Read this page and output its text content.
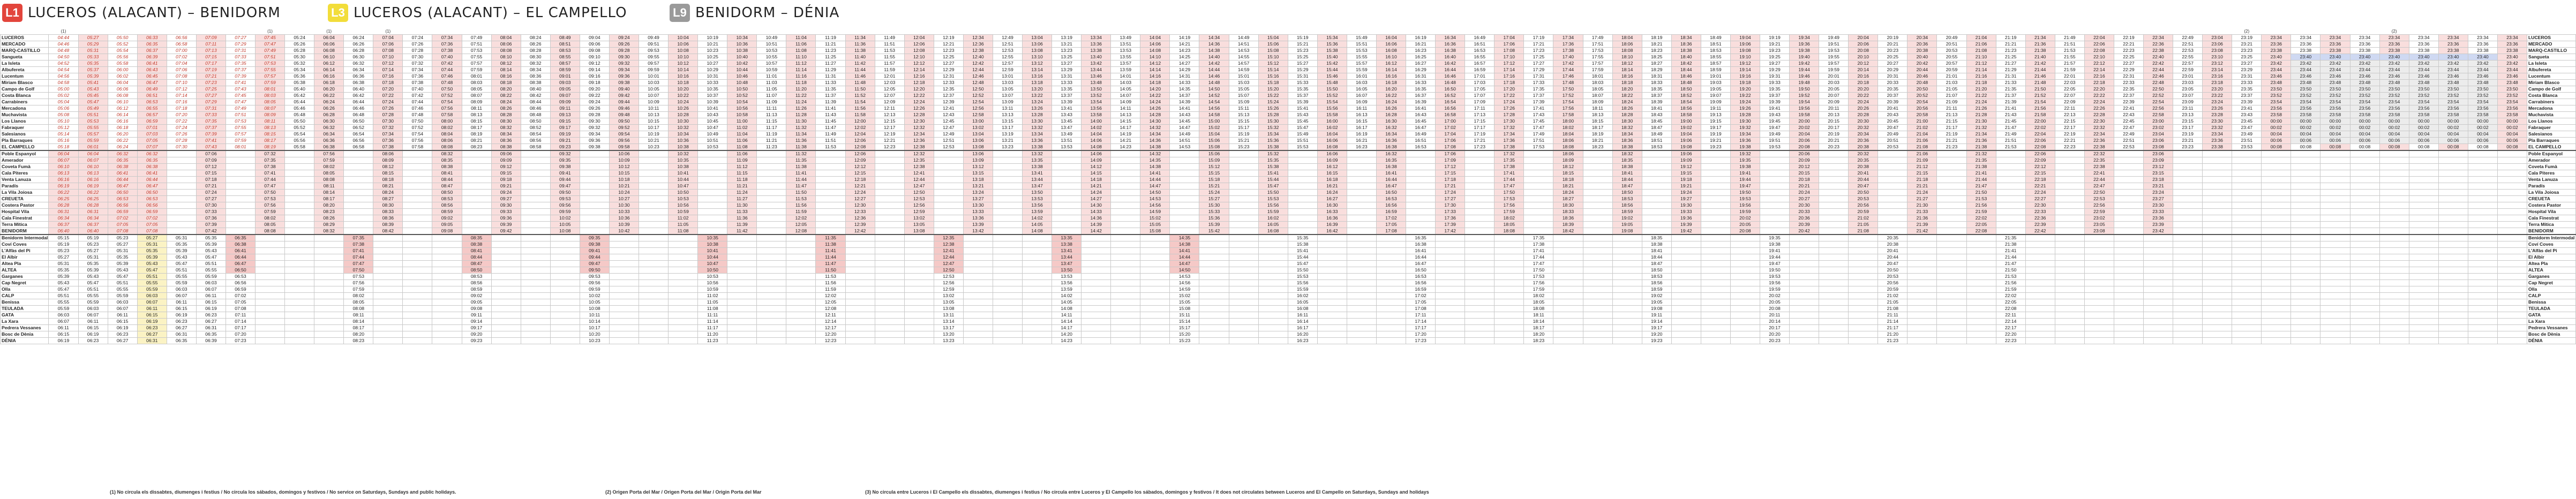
L1 LUCEROS (ALACANT) – BENIDORM	L3 LUCEROS (ALACANT) – EL CAMPELLO	L9 BENIDORM – DÉNIA
	(1)							(1)		(1)		(1)																																																															(2)					(2)					
LUCEROS	04:44	05:27	05:50	06:33	06:56	07:09	07:27	07:45	05:24	06:04	06:24	07:04	07:24	07:34	07:49	08:04	08:24	08:49	09:04	09:24	09:49	10:04	10:19	10:34	10:49	11:04	11:19	11:34	11:49	12:04	12:19	12:34	12:49	13:04	13:19	13:34	13:49	14:04	14:19	14:34	14:49	15:04	15:19	15:34	15:49	16:04	16:19	16:34	16:49	17:04	17:19	17:34	17:49	18:04	18:19	18:34	18:49	19:04	19:19	19:34	19:49	20:04	20:19	20:34	20:49	21:04	21:19	21:34	21:49	22:04	22:19	22:34	22:49	23:04	23:19	23:34	23:34	23:34	23:34	23:34	23:34	23:34	23:34	23:34	LUCEROS
MERCADO	04:46	05:29	05:52	06:35	06:58	07:11	07:29	07:47	05:26	06:06	06:26	07:06	07:26	07:36	07:51	08:06	08:26	08:51	09:06	09:26	09:51	10:06	10:21	10:36	10:51	11:06	11:21	11:36	11:51	12:06	12:21	12:36	12:51	13:06	13:21	13:36	13:51	14:06	14:21	14:36	14:51	15:06	15:21	15:36	15:51	16:06	16:21	16:36	16:51	17:06	17:21	17:36	17:51	18:06	18:21	18:36	18:51	19:06	19:21	19:36	19:51	20:06	20:21	20:36	20:51	21:06	21:21	21:36	21:51	22:06	22:21	22:36	22:51	23:06	23:21	23:36	23:36	23:36	23:36	23:36	23:36	23:36	23:36	23:36	MERCADO
MARQ-CASTILLO	04:48	05:31	05:54	06:37	07:00	07:13	07:31	07:49	05:28	06:08	06:28	07:08	07:28	07:38	07:53	08:08	08:28	08:53	09:08	09:28	09:53	10:08	10:23	10:38	10:53	11:08	11:23	11:38	11:53	12:08	12:23	12:38	12:53	13:08	13:23	13:38	13:53	14:08	14:23	14:38	14:53	15:08	15:23	15:38	15:53	16:08	16:23	16:38	16:53	17:08	17:23	17:38	17:53	18:08	18:23	18:38	18:53	19:08	19:23	19:38	19:53	20:08	20:23	20:38	20:53	21:08	21:23	21:38	21:53	22:08	22:23	22:38	22:53	23:08	23:23	23:38	23:38	23:38	23:38	23:38	23:38	23:38	23:38	23:38	MARQ-CASTILLO
Sangueta	04:50	05:33	05:56	06:39	07:02	07:15	07:33	07:51	05:30	06:10	06:30	07:10	07:30	07:40	07:55	08:10	08:30	08:55	09:10	09:30	09:55	10:10	10:25	10:40	10:55	11:10	11:25	11:40	11:55	12:10	12:25	12:40	12:55	13:10	13:25	13:40	13:55	14:10	14:25	14:40	14:55	15:10	15:25	15:40	15:55	16:10	16:25	16:40	16:55	17:10	17:25	17:40	17:55	18:10	18:25	18:40	18:55	19:10	19:25	19:40	19:55	20:10	20:25	20:40	20:55	21:10	21:25	21:40	21:55	22:10	22:25	22:40	22:55	23:10	23:25	23:40	23:40	23:40	23:40	23:40	23:40	23:40	23:40	23:40	Sangueta
La Isleta	04:52	05:35	05:58	06:41	07:04	07:17	07:35	07:53	05:32	06:12	06:32	07:12	07:32	07:42	07:57	08:12	08:32	08:57	09:12	09:32	09:57	10:12	10:27	10:42	10:57	11:12	11:27	11:42	11:57	12:12	12:27	12:42	12:57	13:12	13:27	13:42	13:57	14:12	14:27	14:42	14:57	15:12	15:27	15:42	15:57	16:12	16:27	16:42	16:57	17:12	17:27	17:42	17:57	18:12	18:27	18:42	18:57	19:12	19:27	19:42	19:57	20:12	20:27	20:42	20:57	21:12	21:27	21:42	21:57	22:12	22:27	22:42	22:57	23:12	23:27	23:42	23:42	23:42	23:42	23:42	23:42	23:42	23:42	23:42	La Isleta
Albufereta	04:54	05:37	06:00	06:43	07:06	07:19	07:37	07:55	05:34	06:14	06:34	07:14	07:34	07:44	07:59	08:14	08:34	08:59	09:14	09:34	09:59	10:14	10:29	10:44	10:59	11:14	11:29	11:44	11:59	12:14	12:29	12:44	12:59	13:14	13:29	13:44	13:59	14:14	14:29	14:44	14:59	15:14	15:29	15:44	15:59	16:14	16:29	16:44	16:59	17:14	17:29	17:44	17:59	18:14	18:29	18:44	18:59	19:14	19:29	19:44	19:59	20:14	20:29	20:44	20:59	21:14	21:29	21:44	21:59	22:14	22:29	22:44	22:59	23:14	23:29	23:44	23:44	23:44	23:44	23:44	23:44	23:44	23:44	23:44	Albufereta
Lucentum	04:56	05:39	06:02	06:45	07:08	07:21	07:39	07:57	05:36	06:16	06:36	07:16	07:36	07:46	08:01	08:16	08:36	09:01	09:16	09:36	10:01	10:16	10:31	10:46	11:01	11:16	11:31	11:46	12:01	12:16	12:31	12:46	13:01	13:16	13:31	13:46	14:01	14:16	14:31	14:46	15:01	15:16	15:31	15:46	16:01	16:16	16:31	16:46	17:01	17:16	17:31	17:46	18:01	18:16	18:31	18:46	19:01	19:16	19:31	19:46	20:01	20:16	20:31	20:46	21:01	21:16	21:31	21:46	22:01	22:16	22:31	22:46	23:01	23:16	23:31	23:46	23:46	23:46	23:46	23:46	23:46	23:46	23:46	23:46	Lucentum
Miriam Blasco	04:58	05:41	06:04	06:47	07:10	07:23	07:41	07:59	05:38	06:18	06:38	07:18	07:38	07:48	08:03	08:18	08:38	09:03	09:18	09:38	10:03	10:18	10:33	10:48	11:03	11:18	11:33	11:48	12:03	12:18	12:33	12:48	13:03	13:18	13:33	13:48	14:03	14:18	14:33	14:48	15:03	15:18	15:33	15:48	16:03	16:18	16:33	16:48	17:03	17:18	17:33	17:48	18:03	18:18	18:33	18:48	19:03	19:18	19:33	19:48	20:03	20:18	20:33	20:48	21:03	21:18	21:33	21:48	22:03	22:18	22:33	22:48	23:03	23:18	23:33	23:48	23:48	23:48	23:48	23:48	23:48	23:48	23:48	23:48	Miriam Blasco
Campo de Golf	05:00	05:43	06:06	06:49	07:12	07:25	07:43	08:01	05:40	06:20	06:40	07:20	07:40	07:50	08:05	08:20	08:40	09:05	09:20	09:40	10:05	10:20	10:35	10:50	11:05	11:20	11:35	11:50	12:05	12:20	12:35	12:50	13:05	13:20	13:35	13:50	14:05	14:20	14:35	14:50	15:05	15:20	15:35	15:50	16:05	16:20	16:35	16:50	17:05	17:20	17:35	17:50	18:05	18:20	18:35	18:50	19:05	19:20	19:35	19:50	20:05	20:20	20:35	20:50	21:05	21:20	21:35	21:50	22:05	22:20	22:35	22:50	23:05	23:20	23:35	23:50	23:50	23:50	23:50	23:50	23:50	23:50	23:50	23:50	Campo de Golf
Costa Blanca	05:02	05:45	06:08	06:51	07:14	07:27	07:45	08:03	05:42	06:22	06:42	07:22	07:42	07:52	08:07	08:22	08:42	09:07	09:22	09:42	10:07	10:22	10:37	10:52	11:07	11:22	11:37	11:52	12:07	12:22	12:37	12:52	13:07	13:22	13:37	13:52	14:07	14:22	14:37	14:52	15:07	15:22	15:37	15:52	16:07	16:22	16:37	16:52	17:07	17:22	17:37	17:52	18:07	18:22	18:37	18:52	19:07	19:22	19:37	19:52	20:07	20:22	20:37	20:52	21:07	21:22	21:37	21:52	22:07	22:22	22:37	22:52	23:07	23:22	23:37	23:52	23:52	23:52	23:52	23:52	23:52	23:52	23:52	23:52	Costa Blanca
Carrabiners	05:04	05:47	06:10	06:53	07:16	07:29	07:47	08:05	05:44	06:24	06:44	07:24	07:44	07:54	08:09	08:24	08:44	09:09	09:24	09:44	10:09	10:24	10:39	10:54	11:09	11:24	11:39	11:54	12:09	12:24	12:39	12:54	13:09	13:24	13:39	13:54	14:09	14:24	14:39	14:54	15:09	15:24	15:39	15:54	16:09	16:24	16:39	16:54	17:09	17:24	17:39	17:54	18:09	18:24	18:39	18:54	19:09	19:24	19:39	19:54	20:09	20:24	20:39	20:54	21:09	21:24	21:39	21:54	22:09	22:24	22:39	22:54	23:09	23:24	23:39	23:54	23:54	23:54	23:54	23:54	23:54	23:54	23:54	23:54	Carrabiners
Mercadona	05:06	05:49	06:12	06:55	07:18	07:31	07:49	08:07	05:46	06:26	06:46	07:26	07:46	07:56	08:11	08:26	08:46	09:11	09:26	09:46	10:11	10:26	10:41	10:56	11:11	11:26	11:41	11:56	12:11	12:26	12:41	12:56	13:11	13:26	13:41	13:56	14:11	14:26	14:41	14:56	15:11	15:26	15:41	15:56	16:11	16:26	16:41	16:56	17:11	17:26	17:41	17:56	18:11	18:26	18:41	18:56	19:11	19:26	19:41	19:56	20:11	20:26	20:41	20:56	21:11	21:26	21:41	21:56	22:11	22:26	22:41	22:56	23:11	23:26	23:41	23:56	23:56	23:56	23:56	23:56	23:56	23:56	23:56	23:56	Mercadona
Muchavista	05:08	05:51	06:14	06:57	07:20	07:33	07:51	08:09	05:48	06:28	06:48	07:28	07:48	07:58	08:13	08:28	08:48	09:13	09:28	09:48	10:13	10:28	10:43	10:58	11:13	11:28	11:43	11:58	12:13	12:28	12:43	12:58	13:13	13:28	13:43	13:58	14:13	14:28	14:43	14:58	15:13	15:28	15:43	15:58	16:13	16:28	16:43	16:58	17:13	17:28	17:43	17:58	18:13	18:28	18:43	18:58	19:13	19:28	19:43	19:58	20:13	20:28	20:43	20:58	21:13	21:28	21:43	21:58	22:13	22:28	22:43	22:58	23:13	23:28	23:43	23:58	23:58	23:58	23:58	23:58	23:58	23:58	23:58	23:58	Muchavista
Los Llanos	05:10	05:53	06:16	06:59	07:22	07:35	07:53	08:11	05:50	06:30	06:50	07:30	07:50	08:00	08:15	08:30	08:50	09:15	09:30	09:50	10:15	10:30	10:45	11:00	11:15	11:30	11:45	12:00	12:15	12:30	12:45	13:00	13:15	13:30	13:45	14:00	14:15	14:30	14:45	15:00	15:15	15:30	15:45	16:00	16:15	16:30	16:45	17:00	17:15	17:30	17:45	18:00	18:15	18:30	18:45	19:00	19:15	19:30	19:45	20:00	20:15	20:30	20:45	21:00	21:15	21:30	21:45	22:00	22:15	22:30	22:45	23:00	23:15	23:30	23:45	00:00	00:00	00:00	00:00	00:00	00:00	00:00	00:00	00:00	Los Llanos
Fabraquer	05:12	05:55	06:18	07:01	07:24	07:37	07:55	08:13	05:52	06:32	06:52	07:32	07:52	08:02	08:17	08:32	08:52	09:17	09:32	09:52	10:17	10:32	10:47	11:02	11:17	11:32	11:47	12:02	12:17	12:32	12:47	13:02	13:17	13:32	13:47	14:02	14:17	14:32	14:47	15:02	15:17	15:32	15:47	16:02	16:17	16:32	16:47	17:02	17:17	17:32	17:47	18:02	18:17	18:32	18:47	19:02	19:17	19:32	19:47	20:02	20:17	20:32	20:47	21:02	21:17	21:32	21:47	22:02	22:17	22:32	22:47	23:02	23:17	23:32	23:47	00:02	00:02	00:02	00:02	00:02	00:02	00:02	00:02	00:02	Fabraquer
Salesianos	05:14	05:57	06:20	07:03	07:26	07:39	07:57	08:15	05:54	06:34	06:54	07:34	07:54	08:04	08:19	08:34	08:54	09:19	09:34	09:54	10:19	10:34	10:49	11:04	11:19	11:34	11:49	12:04	12:19	12:34	12:49	13:04	13:19	13:34	13:49	14:04	14:19	14:34	14:49	15:04	15:19	15:34	15:49	16:04	16:19	16:34	16:49	17:04	17:19	17:34	17:49	18:04	18:19	18:34	18:49	19:04	19:19	19:34	19:49	20:04	20:19	20:34	20:49	21:04	21:19	21:34	21:49	22:04	22:19	22:34	22:49	23:04	23:19	23:34	23:49	00:04	00:04	00:04	00:04	00:04	00:04	00:04	00:04	00:04	Salesianos
Pla Barraques	05:16	05:59	06:22	07:05	07:28	07:41	07:59	08:17	05:56	06:36	06:56	07:36	07:56	08:06	08:21	08:36	08:56	09:21	09:36	09:56	10:21	10:36	10:51	11:06	11:21	11:36	11:51	12:06	12:21	12:36	12:51	13:06	13:21	13:36	13:51	14:06	14:21	14:36	14:51	15:06	15:21	15:36	15:51	16:06	16:21	16:36	16:51	17:06	17:21	17:36	17:51	18:06	18:21	18:36	18:51	19:06	19:21	19:36	19:51	20:06	20:21	20:36	20:51	21:06	21:21	21:36	21:51	22:06	22:21	22:36	22:51	23:06	23:21	23:36	23:51	00:06	00:06	00:06	00:06	00:06	00:06	00:06	00:06	00:06	Pla Barraques
EL CAMPELLO	05:18	06:01	06:24	07:07	07:30	07:43	08:01	08:19	05:58	06:38	06:58	07:38	07:58	08:08	08:23	08:38	08:58	09:23	09:38	09:58	10:23	10:38	10:53	11:08	11:23	11:38	11:53	12:08	12:23	12:38	12:53	13:08	13:23	13:38	13:53	14:08	14:23	14:38	14:53	15:08	15:23	15:38	15:53	16:08	16:23	16:38	16:53	17:08	17:23	17:38	17:53	18:08	18:23	18:38	18:53	19:08	19:23	19:38	19:53	20:08	20:23	20:38	20:53	21:08	21:23	21:38	21:53	22:08	22:23	22:38	22:53	23:08	23:23	23:38	23:53	00:08	00:08	00:08	00:08	00:08	00:08	00:08	00:08	00:08	EL CAMPELLO
Poble Espanyol	06:04	06:04	06:32	06:32		07:06		07:32		07:56		08:06		08:32		09:06		09:32		10:06		10:32		11:06		11:32		12:06		12:32		13:06		13:32		14:06		14:32		15:06		15:32		16:06		16:32		17:06		17:32		18:06		18:32		19:06		19:32		20:06		20:32		21:06		21:32		22:06		22:32		23:06													Poble Espanyol
Amerador	06:07	06:07	06:35	06:35		07:09		07:35		07:59		08:09		08:35		09:09		09:35		10:09		10:35		11:09		11:35		12:09		12:35		13:09		13:35		14:09		14:35		15:09		15:35		16:09		16:35		17:09		17:35		18:09		18:35		19:09		19:35		20:09		20:35		21:09		21:35		22:09		22:35		23:09													Amerador
Coveta Fumà	06:10	06:10	06:38	06:38		07:12		07:38		08:02		08:12		08:38		09:12		09:38		10:12		10:38		11:12		11:38		12:12		12:38		13:12		13:38		14:12		14:38		15:12		15:38		16:12		16:38		17:12		17:38		18:12		18:38		19:12		19:38		20:12		20:38		21:12		21:38		22:12		22:38		23:12													Coveta Fumà
Cala Piteres	06:13	06:13	06:41	06:41		07:15		07:41		08:05		08:15		08:41		09:15		09:41		10:15		10:41		11:15		11:41		12:15		12:41		13:15		13:41		14:15		14:41		15:15		15:41		16:15		16:41		17:15		17:41		18:15		18:41		19:15		19:41		20:15		20:41		21:15		21:41		22:15		22:41		23:15													Cala Piteres
Venta Lanuza	06:16	06:16	06:44	06:44		07:18		07:44		08:08		08:18		08:44		09:18		09:44		10:18		10:44		11:18		11:44		12:18		12:44		13:18		13:44		14:18		14:44		15:18		15:44		16:18		16:44		17:18		17:44		18:18		18:44		19:18		19:44		20:18		20:44		21:18		21:44		22:18		22:44		23:18													Venta Lanuza
Paradís	06:19	06:19	06:47	06:47		07:21		07:47		08:11		08:21		08:47		09:21		09:47		10:21		10:47		11:21		11:47		12:21		12:47		13:21		13:47		14:21		14:47		15:21		15:47		16:21		16:47		17:21		17:47		18:21		18:47		19:21		19:47		20:21		20:47		21:21		21:47		22:21		22:47		23:21													Paradís
La Vila Joiosa	06:22	06:22	06:50	06:50		07:24		07:50		08:14		08:24		08:50		09:24		09:50		10:24		10:50		11:24		11:50		12:24		12:50		13:24		13:50		14:24		14:50		15:24		15:50		16:24		16:50		17:24		17:50		18:24		18:50		19:24		19:50		20:24		20:50		21:24		21:50		22:24		22:50		23:24													La Vila Joiosa
CREUETA	06:25	06:25	06:53	06:53		07:27		07:53		08:17		08:27		08:53		09:27		09:53		10:27		10:53		11:27		11:53		12:27		12:53		13:27		13:53		14:27		14:53		15:27		15:53		16:27		16:53		17:27		17:53		18:27		18:53		19:27		19:53		20:27		20:53		21:27		21:53		22:27		22:53		23:27													CREUETA
Costera Pastor	06:28	06:28	06:56	06:56		07:30		07:56		08:20		08:30		08:56		09:30		09:56		10:30		10:56		11:30		11:56		12:30		12:56		13:30		13:56		14:30		14:56		15:30		15:56		16:30		16:56		17:30		17:56		18:30		18:56		19:30		19:56		20:30		20:56		21:30		21:56		22:30		22:56		23:30													Costera Pastor
Hospital Vila	06:31	06:31	06:59	06:59		07:33		07:59		08:23		08:33		08:59		09:33		09:59		10:33		10:59		11:33		11:59		12:33		12:59		13:33		13:59		14:33		14:59		15:33		15:59		16:33		16:59		17:33		17:59		18:33		18:59		19:33		19:59		20:33		20:59		21:33		21:59		22:33		22:59		23:33													Hospital Vila
Cala Finestrat	06:34	06:34	07:02	07:02		07:36		08:02		08:26		08:36		09:02		09:36		10:02		10:36		11:02		11:36		12:02		12:36		13:02		13:36		14:02		14:36		15:02		15:36		16:02		16:36		17:02		17:36		18:02		18:36		19:02		19:36		20:02		20:36		21:02		21:36		22:02		22:36		23:02		23:36													Cala Finestrat
Terra Mítica	06:37	06:37	07:05	07:05		07:39		08:05		08:29		08:39		09:05		09:39		10:05		10:39		11:05		11:39		12:05		12:39		13:05		13:39		14:05		14:39		15:05		15:39		16:05		16:39		17:05		17:39		18:05		18:39		19:05		19:39		20:05		20:39		21:05		21:39		22:05		22:39		23:05		23:39													Terra Mítica
BENIDORM	06:40	06:40	07:08	07:08		07:42		08:08		08:32		08:42		09:08		09:42		10:08		10:42		11:08		11:42		12:08		12:42		13:08		13:42		14:08		14:42		15:08		15:42		16:08		16:42		17:08		17:42		18:08		18:42		19:08		19:42		20:08		20:42		21:08		21:42		22:08		22:42		23:08		23:42													BENIDORM
Benidorm Intermodal	05:15	05:19	05:23	05:27	05:31	05:35	06:35				07:35				08:35				09:35				10:35				11:35				12:35				13:35				14:35				15:35				16:35				17:35				18:35				19:35				20:35				21:35																		Benidorm Intermodal
Coví Coves	05:19	05:23	05:27	05:31	05:35	05:39	06:38				07:38				08:38				09:38				10:38				11:38				12:38				13:38				14:38				15:38				16:38				17:38				18:38				19:38				20:38				21:38																		Coví Coves
L'Alfàs del Pi	05:23	05:27	05:31	05:35	05:39	05:43	06:41				07:41				08:41				09:41				10:41				11:41				12:41				13:41				14:41				15:41				16:41				17:41				18:41				19:41				20:41				21:41																		L'Alfàs del Pi
El Albir	05:27	05:31	05:35	05:39	05:43	05:47	06:44				07:44				08:44				09:44				10:44				11:44				12:44				13:44				14:44				15:44				16:44				17:44				18:44				19:44				20:44				21:44																		El Albir
Altea Pla	05:31	05:35	05:39	05:43	05:47	05:51	06:47				07:47				08:47				09:47				10:47				11:47				12:47				13:47				14:47				15:47				16:47				17:47				18:47				19:47				20:47				21:47																		Altea Pla
ALTEA	05:35	05:39	05:43	05:47	05:51	05:55	06:50				07:50				08:50				09:50				10:50				11:50				12:50				13:50				14:50				15:50				16:50				17:50				18:50				19:50				20:50				21:50																		ALTEA
Garganes	05:39	05:43	05:47	05:51	05:55	05:59	06:53				07:53				08:53				09:53				10:53				11:53				12:53				13:53				14:53				15:53				16:53				17:53				18:53				19:53				20:53				21:53																		Garganes
Cap Negret	05:43	05:47	05:51	05:55	05:59	06:03	06:56				07:56				08:56				09:56				10:56				11:56				12:56				13:56				14:56				15:56				16:56				17:56				18:56				19:56				20:56				21:56																		Cap Negret
Olla	05:47	05:51	05:55	05:59	06:03	06:07	06:59				07:59				08:59				09:59				10:59				11:59				12:59				13:59				14:59				15:59				16:59				17:59				18:59				19:59				20:59				21:59																		Olla
CALP	05:51	05:55	05:59	06:03	06:07	06:11	07:02				08:02				09:02				10:02				11:02				12:02				13:02				14:02				15:02				16:02				17:02				18:02				19:02				20:02				21:02				22:02																		CALP
Benissa	05:55	05:59	06:03	06:07	06:11	06:15	07:05				08:05				09:05				10:05				11:05				12:05				13:05				14:05				15:05				16:05				17:05				18:05				19:05				20:05				21:05				22:05																		Benissa
TEULADA	05:59	06:03	06:07	06:11	06:15	06:19	07:08				08:08				09:08				10:08				11:08				12:08				13:08				14:08				15:08				16:08				17:08				18:08				19:08				20:08				21:08				22:08																		TEULADA
GATA	06:03	06:07	06:11	06:15	06:19	06:23	07:11				08:11				09:11				10:11				11:11				12:11				13:11				14:11				15:11				16:11				17:11				18:11				19:11				20:11				21:11				22:11																		GATA
La Xara	06:07	06:11	06:15	06:19	06:23	06:27	07:14				08:14				09:14				10:14				11:14				12:14				13:14				14:14				15:14				16:14				17:14				18:14				19:14				20:14				21:14				22:14																		La Xara
Pedrera Vessanes	06:11	06:15	06:19	06:23	06:27	06:31	07:17				08:17				09:17				10:17				11:17				12:17				13:17				14:17				15:17				16:17				17:17				18:17				19:17				20:17				21:17				22:17																		Pedrera Vessanes
Bosc de Dènia	06:15	06:19	06:23	06:27	06:31	06:35	07:20				08:20				09:20				10:20				11:20				12:20				13:20				14:20				15:20				16:20				17:20				18:20				19:20				20:20				21:20				22:20																		Bosc de Dènia
DÉNIA	06:19	06:23	06:27	06:31	06:35	06:39	07:23				08:23				09:23				10:23				11:23				12:23				13:23				14:23				15:23				16:23				17:23				18:23				19:23				20:23				21:23				22:23																		DÉNIA
(1) No circula els dissabtes, diumenges i festius / No circula los sábados, domingos y festivos / No service on Saturdays, Sundays and public holidays.	(2) Origen Porta del Mar / Origen Porta del Mar / Origin Porta del Mar	(3) No circula entre Luceros i El Campello els dissabtes, diumenges i festius / No circula entre Luceros y El Campello los sábados, domingos y festivos / It does not circulates between Luceros and El Campello on Saturdays, Sundays and holidays
